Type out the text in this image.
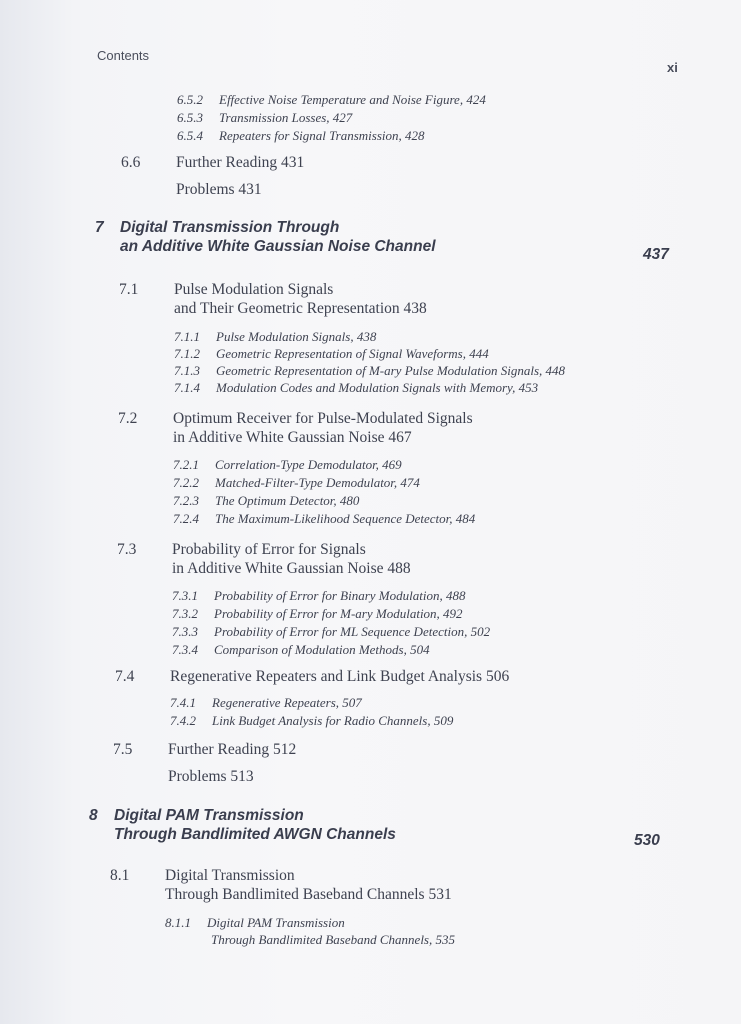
Contents
xi
6.5.2 Effective Noise Temperature and Noise Figure, 424
6.5.3 Transmission Losses, 427
6.5.4 Repeaters for Signal Transmission, 428
6.6 Further Reading 431
Problems 431
7 Digital Transmission Through
an Additive White Gaussian Noise Channel	437
7.1 Pulse Modulation Signals
and Their Geometric Representation 438
7.1.1 Pulse Modulation Signals, 438
7.1.2 Geometric Representation of Signal Waveforms, 444
7.1.3 Geometric Representation of M-ary Pulse Modulation Signals, 448
7.1.4 Modulation Codes and Modulation Signals with Memory, 453
7.2 Optimum Receiver for Pulse-Modulated Signals
in Additive White Gaussian Noise 467
7.2.1 Correlation-Type Demodulator, 469
7.2.2 Matched-Filter-Type Demodulator, 474
7.2.3 The Optimum Detector, 480
7.2.4 The Maximum-Likelihood Sequence Detector, 484
7.3 Probability of Error for Signals
in Additive White Gaussian Noise 488
7.3.1 Probability of Error for Binary Modulation, 488
7.3.2 Probability of Error for M-ary Modulation, 492
7.3.3 Probability of Error for ML Sequence Detection, 502
7.3.4 Comparison of Modulation Methods, 504
7.4 Regenerative Repeaters and Link Budget Analysis 506
7.4.1 Regenerative Repeaters, 507
7.4.2 Link Budget Analysis for Radio Channels, 509
7.5 Further Reading 512
Problems 513
8 Digital PAM Transmission
Through Bandlimited AWGN Channels	530
8.1 Digital Transmission
Through Bandlimited Baseband Channels 531
8.1.1 Digital PAM Transmission
Through Bandlimited Baseband Channels, 535
